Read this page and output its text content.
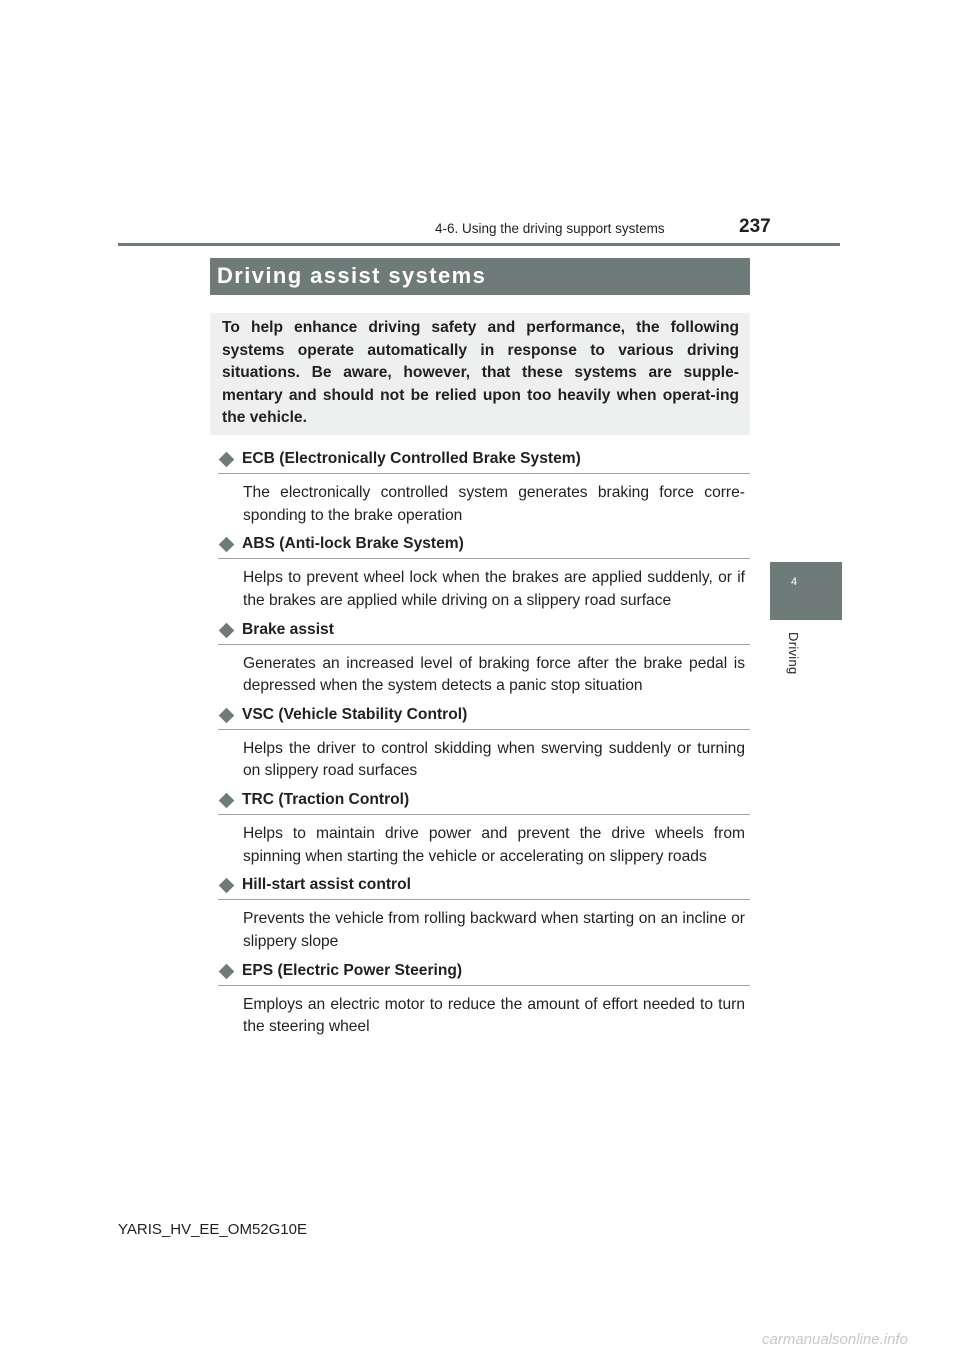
4-6. Using the driving support systems	237
4
Driving
Driving assist systems

To help enhance driving safety and performance, the following systems operate automatically in response to various driving situations. Be aware, however, that these systems are supple-mentary and should not be relied upon too heavily when operat-ing the vehicle.

ECB (Electronically Controlled Brake System)
The electronically controlled system generates braking force corre-sponding to the brake operation
ABS (Anti-lock Brake System)
Helps to prevent wheel lock when the brakes are applied suddenly, or if the brakes are applied while driving on a slippery road surface
Brake assist
Generates an increased level of braking force after the brake pedal is depressed when the system detects a panic stop situation
VSC (Vehicle Stability Control)
Helps the driver to control skidding when swerving suddenly or turning on slippery road surfaces
TRC (Traction Control)
Helps to maintain drive power and prevent the drive wheels from spinning when starting the vehicle or accelerating on slippery roads
Hill-start assist control
Prevents the vehicle from rolling backward when starting on an incline or slippery slope
EPS (Electric Power Steering)
Employs an electric motor to reduce the amount of effort needed to turn the steering wheel
YARIS_HV_EE_OM52G10E
carmanualsonline.info
